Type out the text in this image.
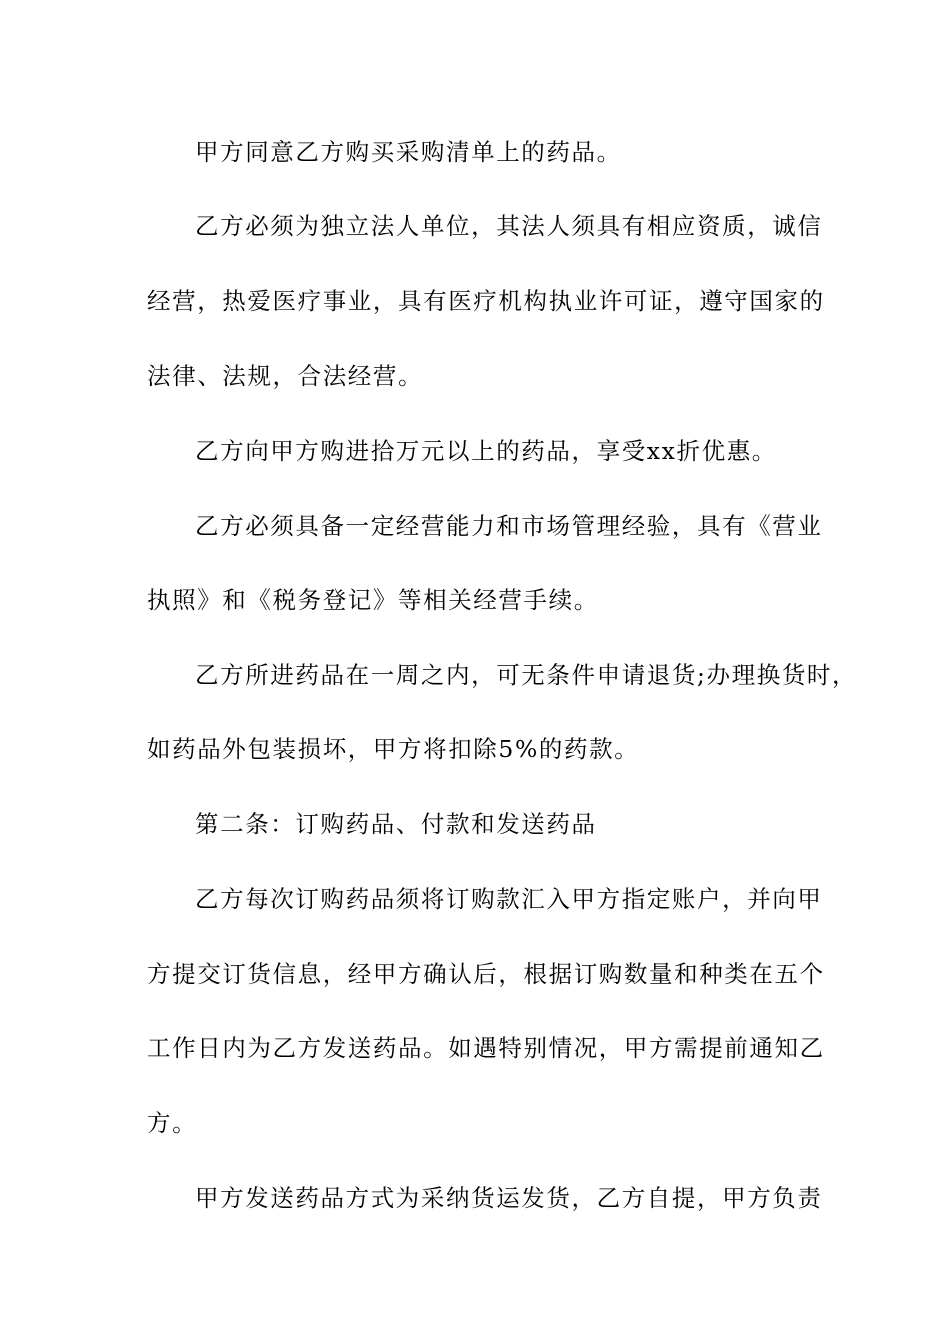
甲方同意乙方购买采购清单上的药品。
乙方必须为独立法人单位，其法人须具有相应资质，诚信
经营，热爱医疗事业，具有医疗机构执业许可证，遵守国家的
法律、法规，合法经营。
乙方向甲方购进拾万元以上的药品，享受xx折优惠。
乙方必须具备一定经营能力和市场管理经验，具有《营业
执照》和《税务登记》等相关经营手续。
乙方所进药品在一周之内，可无条件申请退货;办理换货时，
如药品外包装损坏，甲方将扣除5%的药款。
第二条：订购药品、付款和发送药品
乙方每次订购药品须将订购款汇入甲方指定账户，并向甲
方提交订货信息，经甲方确认后，根据订购数量和种类在五个
工作日内为乙方发送药品。如遇特别情况，甲方需提前通知乙
方。
甲方发送药品方式为采纳货运发货，乙方自提，甲方负责
